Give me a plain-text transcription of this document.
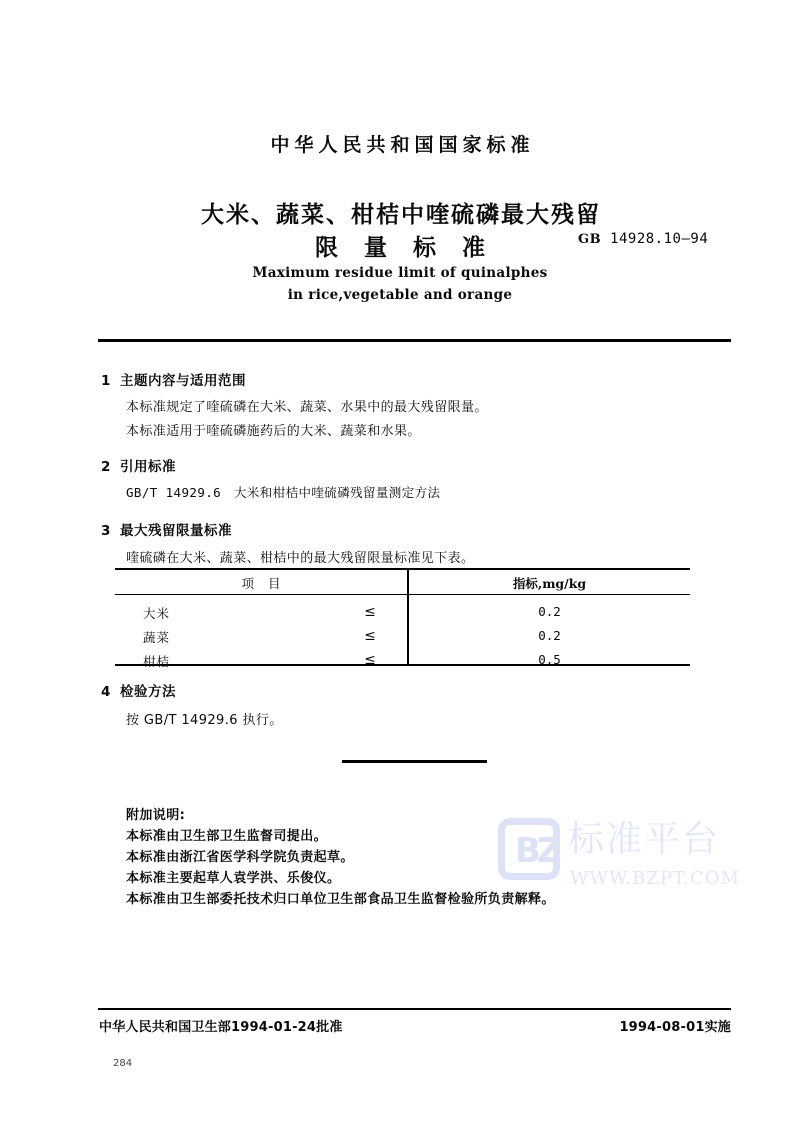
BZ 标准平台
WWW.BZPT.COM
中华人民共和国国家标准
大米、蔬菜、柑桔中喹硫磷最大残留
限量标准	GB 14928.10—94
Maximum residue limit of quinalphes
in rice,vegetable and orange
1 主题内容与适用范围
本标准规定了喹硫磷在大米、蔬菜、水果中的最大残留限量。
本标准适用于喹硫磷施药后的大米、蔬菜和水果。
2 引用标准
GB/T 14929.6　大米和柑桔中喹硫磷残留量测定方法
3 最大残留限量标准
喹硫磷在大米、蔬菜、柑桔中的最大残留限量标准见下表。
项目	指标,mg/kg
大米	≤	0.2
蔬菜	≤	0.2
柑桔	≤	0.5
4 检验方法
按 GB/T 14929.6 执行。
附加说明:
本标准由卫生部卫生监督司提出。
本标准由浙江省医学科学院负责起草。
本标准主要起草人袁学洪、乐俊仪。
本标准由卫生部委托技术归口单位卫生部食品卫生监督检验所负责解释。
中华人民共和国卫生部1994-01-24批准	1994-08-01实施
284
